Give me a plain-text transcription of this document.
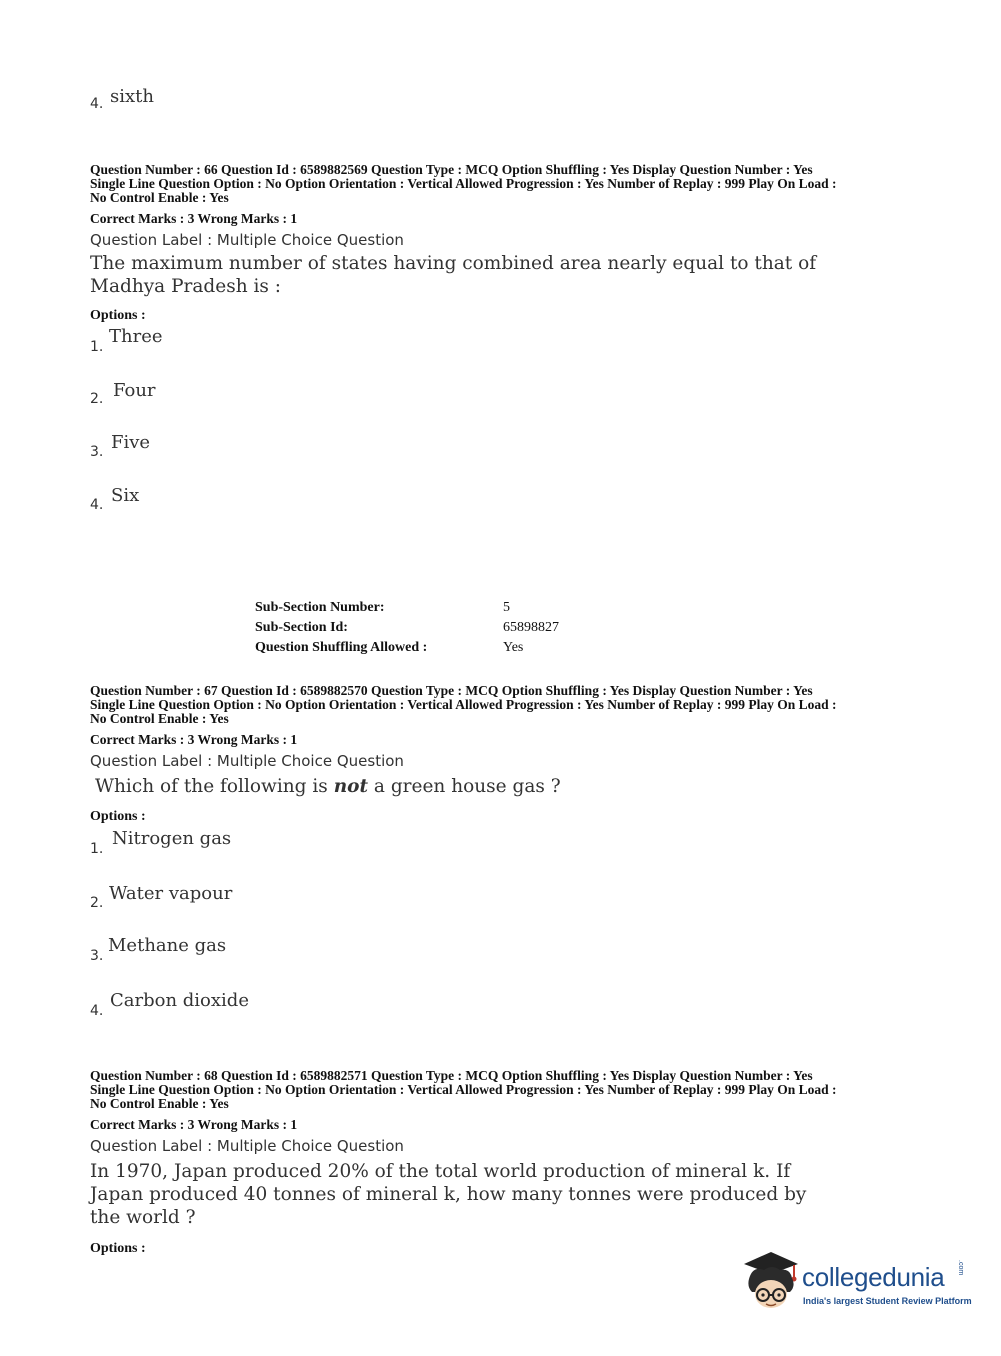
4. sixth
Question Number : 66 Question Id : 6589882569 Question Type : MCQ Option Shuffling : Yes Display Question Number : Yes
Single Line Question Option : No Option Orientation : Vertical Allowed Progression : Yes Number of Replay : 999 Play On Load :
No Control Enable : Yes
Correct Marks : 3 Wrong Marks : 1
Question Label : Multiple Choice Question
The maximum number of states having combined area nearly equal to that of
Madhya Pradesh is :
Options :
1. Three
2. Four
3. Five
4. Six
Sub-Section Number:	5
Sub-Section Id:	65898827
Question Shuffling Allowed :	Yes
Question Number : 67 Question Id : 6589882570 Question Type : MCQ Option Shuffling : Yes Display Question Number : Yes
Single Line Question Option : No Option Orientation : Vertical Allowed Progression : Yes Number of Replay : 999 Play On Load :
No Control Enable : Yes
Correct Marks : 3 Wrong Marks : 1
Question Label : Multiple Choice Question
Which of the following is not a green house gas ?
Options :
1. Nitrogen gas
2. Water vapour
3. Methane gas
4. Carbon dioxide
Question Number : 68 Question Id : 6589882571 Question Type : MCQ Option Shuffling : Yes Display Question Number : Yes
Single Line Question Option : No Option Orientation : Vertical Allowed Progression : Yes Number of Replay : 999 Play On Load :
No Control Enable : Yes
Correct Marks : 3 Wrong Marks : 1
Question Label : Multiple Choice Question
In 1970, Japan produced 20% of the total world production of mineral k. If
Japan produced 40 tonnes of mineral k, how many tonnes were produced by
the world ?
Options :
collegedunia .com
India's largest Student Review Platform
